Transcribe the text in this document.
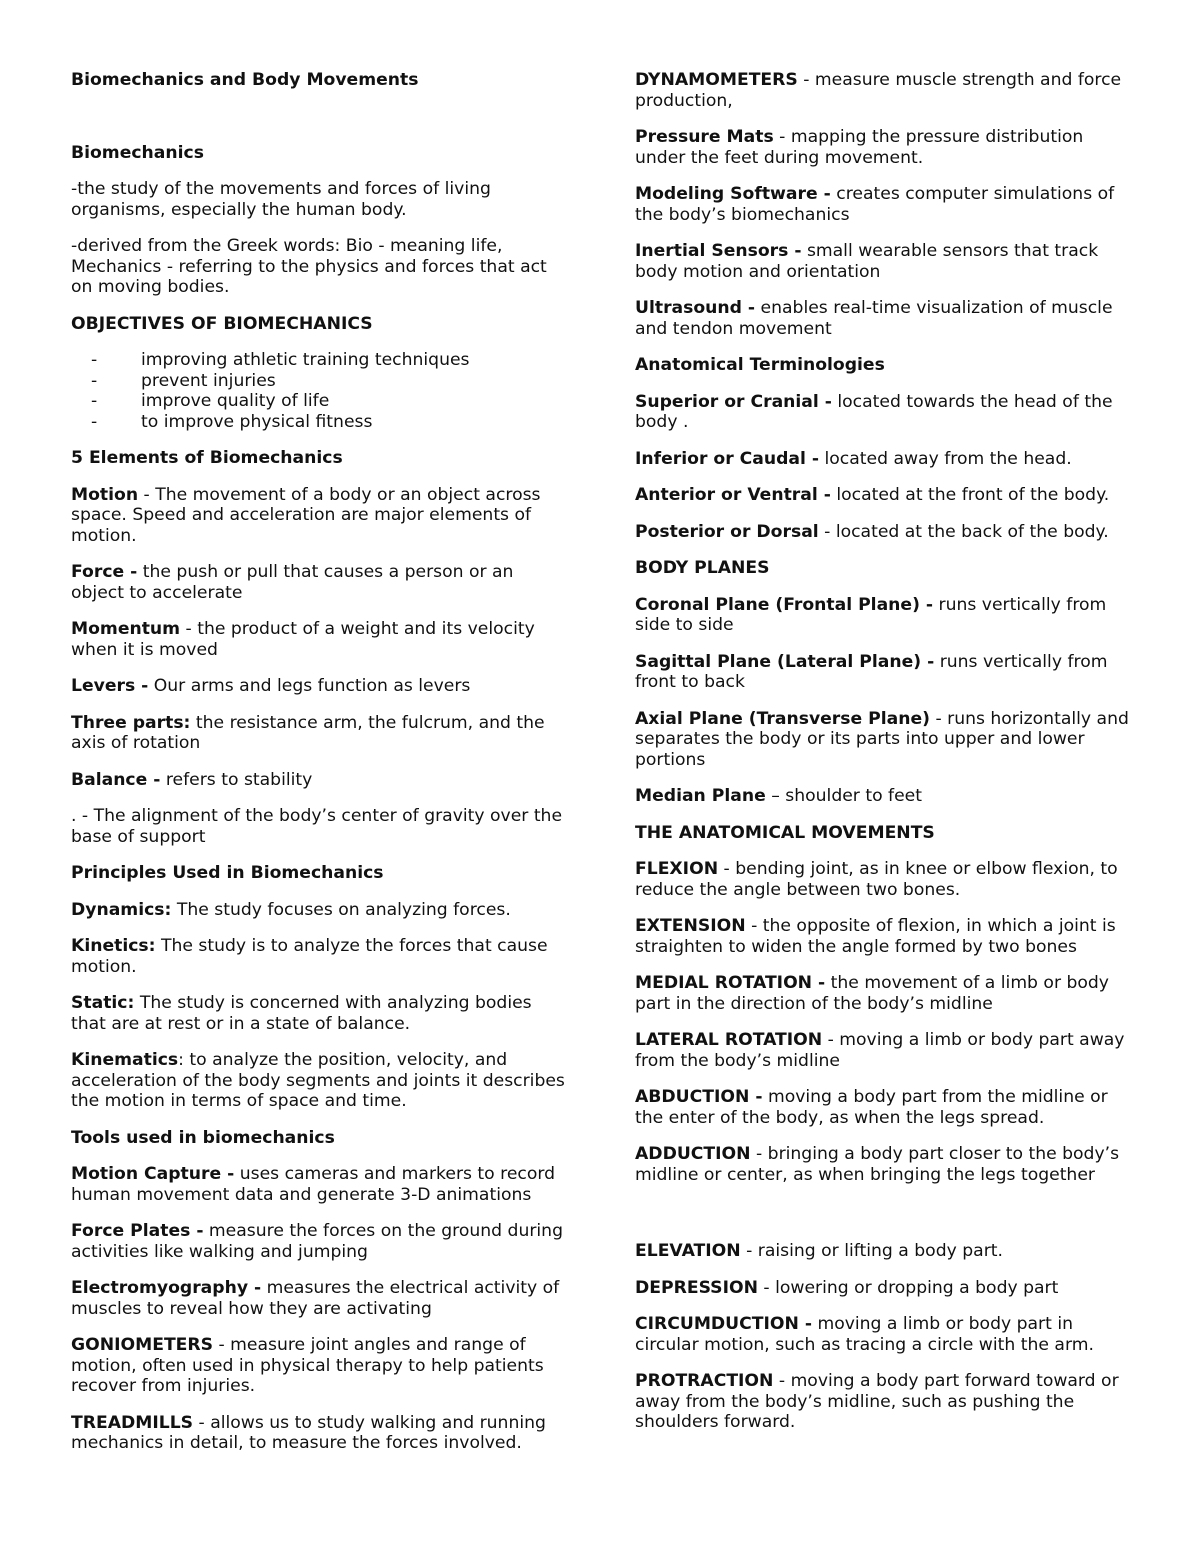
Biomechanics and Body Movements

Biomechanics

-the study of the movements and forces of living organisms, especially the human body.

-derived from the Greek words: Bio - meaning life, Mechanics - referring to the physics and forces that act on moving bodies.

OBJECTIVES OF BIOMECHANICS

- improving athletic training techniques
- prevent injuries
- improve quality of life
- to improve physical fitness

5 Elements of Biomechanics

Motion - The movement of a body or an object across space. Speed and acceleration are major elements of motion.

Force - the push or pull that causes a person or an object to accelerate

Momentum - the product of a weight and its velocity when it is moved

Levers - Our arms and legs function as levers

Three parts: the resistance arm, the fulcrum, and the axis of rotation

Balance - refers to stability

. - The alignment of the body’s center of gravity over the base of support

Principles Used in Biomechanics

Dynamics: The study focuses on analyzing forces.

Kinetics: The study is to analyze the forces that cause motion.

Static: The study is concerned with analyzing bodies that are at rest or in a state of balance.

Kinematics: to analyze the position, velocity, and acceleration of the body segments and joints it describes the motion in terms of space and time.

Tools used in biomechanics

Motion Capture - uses cameras and markers to record human movement data and generate 3-D animations

Force Plates - measure the forces on the ground during activities like walking and jumping

Electromyography - measures the electrical activity of muscles to reveal how they are activating

GONIOMETERS - measure joint angles and range of motion, often used in physical therapy to help patients recover from injuries.

TREADMILLS - allows us to study walking and running mechanics in detail, to measure the forces involved.

DYNAMOMETERS - measure muscle strength and force production,

Pressure Mats - mapping the pressure distribution under the feet during movement.

Modeling Software - creates computer simulations of the body’s biomechanics

Inertial Sensors - small wearable sensors that track body motion and orientation

Ultrasound - enables real-time visualization of muscle and tendon movement

Anatomical Terminologies

Superior or Cranial - located towards the head of the body .

Inferior or Caudal - located away from the head.

Anterior or Ventral - located at the front of the body.

Posterior or Dorsal - located at the back of the body.

BODY PLANES

Coronal Plane (Frontal Plane) - runs vertically from side to side

Sagittal Plane (Lateral Plane) - runs vertically from front to back

Axial Plane (Transverse Plane) - runs horizontally and separates the body or its parts into upper and lower portions

Median Plane – shoulder to feet

THE ANATOMICAL MOVEMENTS

FLEXION - bending joint, as in knee or elbow flexion, to reduce the angle between two bones.

EXTENSION - the opposite of flexion, in which a joint is straighten to widen the angle formed by two bones

MEDIAL ROTATION - the movement of a limb or body part in the direction of the body’s midline

LATERAL ROTATION - moving a limb or body part away from the body’s midline

ABDUCTION - moving a body part from the midline or the enter of the body, as when the legs spread.

ADDUCTION - bringing a body part closer to the body’s midline or center, as when bringing the legs together

ELEVATION - raising or lifting a body part.

DEPRESSION - lowering or dropping a body part

CIRCUMDUCTION - moving a limb or body part in circular motion, such as tracing a circle with the arm.

PROTRACTION - moving a body part forward toward or away from the body’s midline, such as pushing the shoulders forward.
